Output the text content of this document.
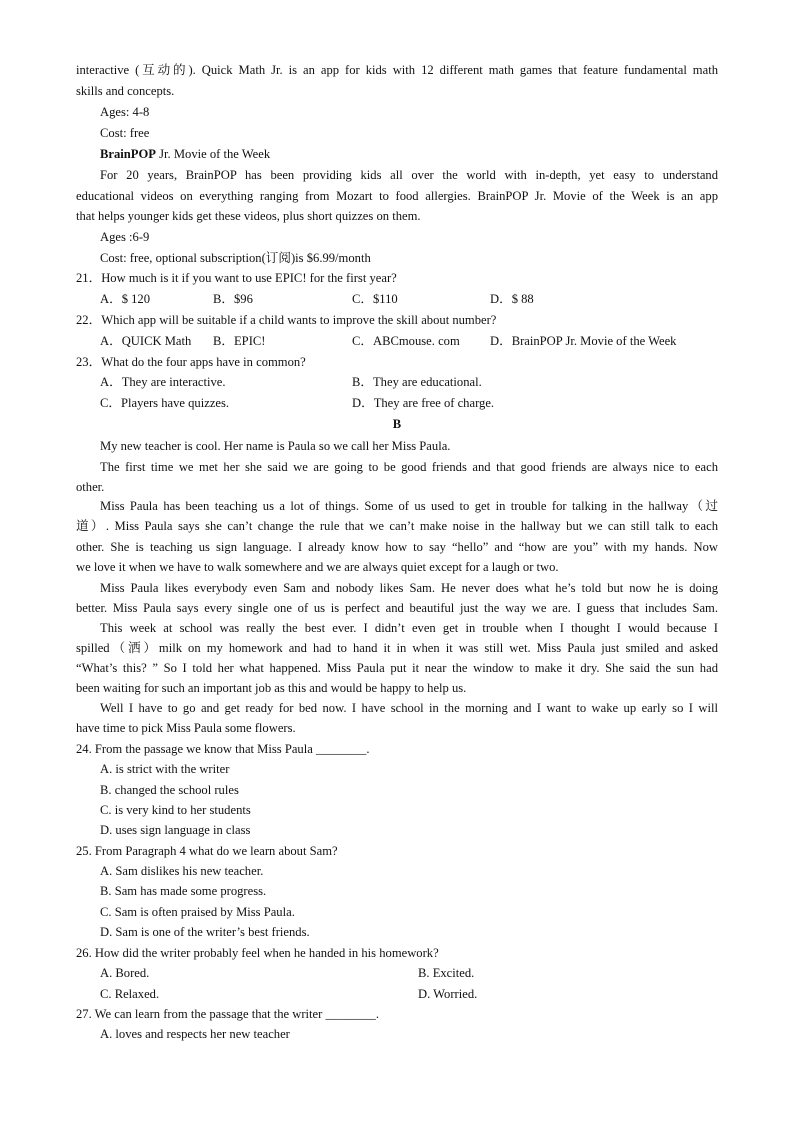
interactive (互动的). Quick Math Jr. is an app for kids with 12 different math games that feature fundamental math
skills and concepts.
Ages: 4-8
Cost: free
BrainPOP Jr. Movie of the Week
For 20 years, BrainPOP has been providing kids all over the world with in-depth, yet easy to understand
educational videos on everything ranging from Mozart to food allergies. BrainPOP Jr. Movie of the Week is an app
that helps younger kids get these videos, plus short quizzes on them.
Ages :6-9
Cost: free, optional subscription(订阅)is $6.99/month
21．How much is it if you want to use EPIC! for the first year?
A．$ 120	B．$96	C．$110	D．$ 88
22．Which app will be suitable if a child wants to improve the skill about number?
A．QUICK Math B．EPIC!	C．ABCmouse. com D．BrainPOP Jr. Movie of the Week
23．What do the four apps have in common?
A．They are interactive.	B．They are educational.
C．Players have quizzes.	D．They are free of charge.
B
My new teacher is cool. Her name is Paula so we call her Miss Paula.
The first time we met her she said we are going to be good friends and that good friends are always nice to each
other.
Miss Paula has been teaching us a lot of things. Some of us used to get in trouble for talking in the hallway（过
道）. Miss Paula says she can’t change the rule that we can’t make noise in the hallway but we can still talk to each
other. She is teaching us sign language. I already know how to say “hello” and “how are you” with my hands. Now
we love it when we have to walk somewhere and we are always quiet except for a laugh or two.
Miss Paula likes everybody even Sam and nobody likes Sam. He never does what he’s told but now he is doing
better. Miss Paula says every single one of us is perfect and beautiful just the way we are. I guess that includes Sam.
This week at school was really the best ever. I didn’t even get in trouble when I thought I would because I
spilled（洒）milk on my homework and had to hand it in when it was still wet. Miss Paula just smiled and asked
“What’s this? ” So I told her what happened. Miss Paula put it near the window to make it dry. She said the sun had
been waiting for such an important job as this and would be happy to help us.
Well I have to go and get ready for bed now. I have school in the morning and I want to wake up early so I will
have time to pick Miss Paula some flowers.
24. From the passage we know that Miss Paula ________.
A. is strict with the writer
B. changed the school rules
C. is very kind to her students
D. uses sign language in class
25. From Paragraph 4 what do we learn about Sam?
A. Sam dislikes his new teacher.
B. Sam has made some progress.
C. Sam is often praised by Miss Paula.
D. Sam is one of the writer’s best friends.
26. How did the writer probably feel when he handed in his homework?
A. Bored.	B. Excited.
C. Relaxed.	D. Worried.
27. We can learn from the passage that the writer ________.
A. loves and respects her new teacher
